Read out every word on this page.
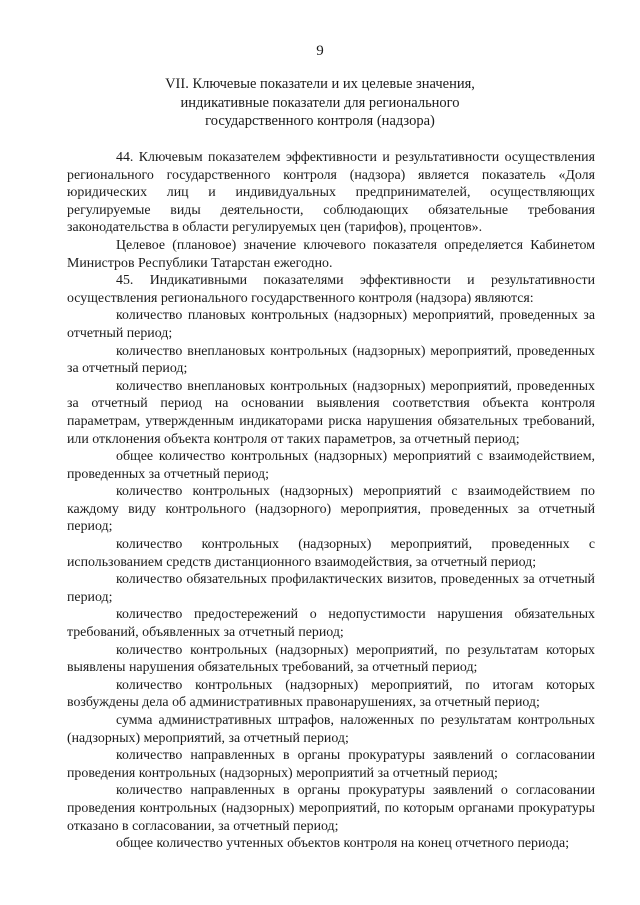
9
VII. Ключевые показатели и их целевые значения,
индикативные показатели для регионального
государственного контроля (надзора)

44. Ключевым показателем эффективности и результативности осуществления регионального государственного контроля (надзора) является показатель «Доля юридических лиц и индивидуальных предпринимателей, осуществляющих регулируемые виды деятельности, соблюдающих обязательные требования законодательства в области регулируемых цен (тарифов), процентов».

Целевое (плановое) значение ключевого показателя определяется Кабинетом Министров Республики Татарстан ежегодно.

45. Индикативными показателями эффективности и результативности осуществления регионального государственного контроля (надзора) являются:

количество плановых контрольных (надзорных) мероприятий, проведенных за отчетный период;

количество внеплановых контрольных (надзорных) мероприятий, проведенных за отчетный период;

количество внеплановых контрольных (надзорных) мероприятий, проведенных за отчетный период на основании выявления соответствия объекта контроля параметрам, утвержденным индикаторами риска нарушения обязательных требований, или отклонения объекта контроля от таких параметров, за отчетный период;

общее количество контрольных (надзорных) мероприятий с взаимодействием, проведенных за отчетный период;

количество контрольных (надзорных) мероприятий с взаимодействием по каждому виду контрольного (надзорного) мероприятия, проведенных за отчетный период;

количество контрольных (надзорных) мероприятий, проведенных с использованием средств дистанционного взаимодействия, за отчетный период;

количество обязательных профилактических визитов, проведенных за отчетный период;

количество предостережений о недопустимости нарушения обязательных требований, объявленных за отчетный период;

количество контрольных (надзорных) мероприятий, по результатам которых выявлены нарушения обязательных требований, за отчетный период;

количество контрольных (надзорных) мероприятий, по итогам которых возбуждены дела об административных правонарушениях, за отчетный период;

сумма административных штрафов, наложенных по результатам контрольных (надзорных) мероприятий, за отчетный период;

количество направленных в органы прокуратуры заявлений о согласовании проведения контрольных (надзорных) мероприятий за отчетный период;

количество направленных в органы прокуратуры заявлений о согласовании проведения контрольных (надзорных) мероприятий, по которым органами прокуратуры отказано в согласовании, за отчетный период;

общее количество учтенных объектов контроля на конец отчетного периода;
